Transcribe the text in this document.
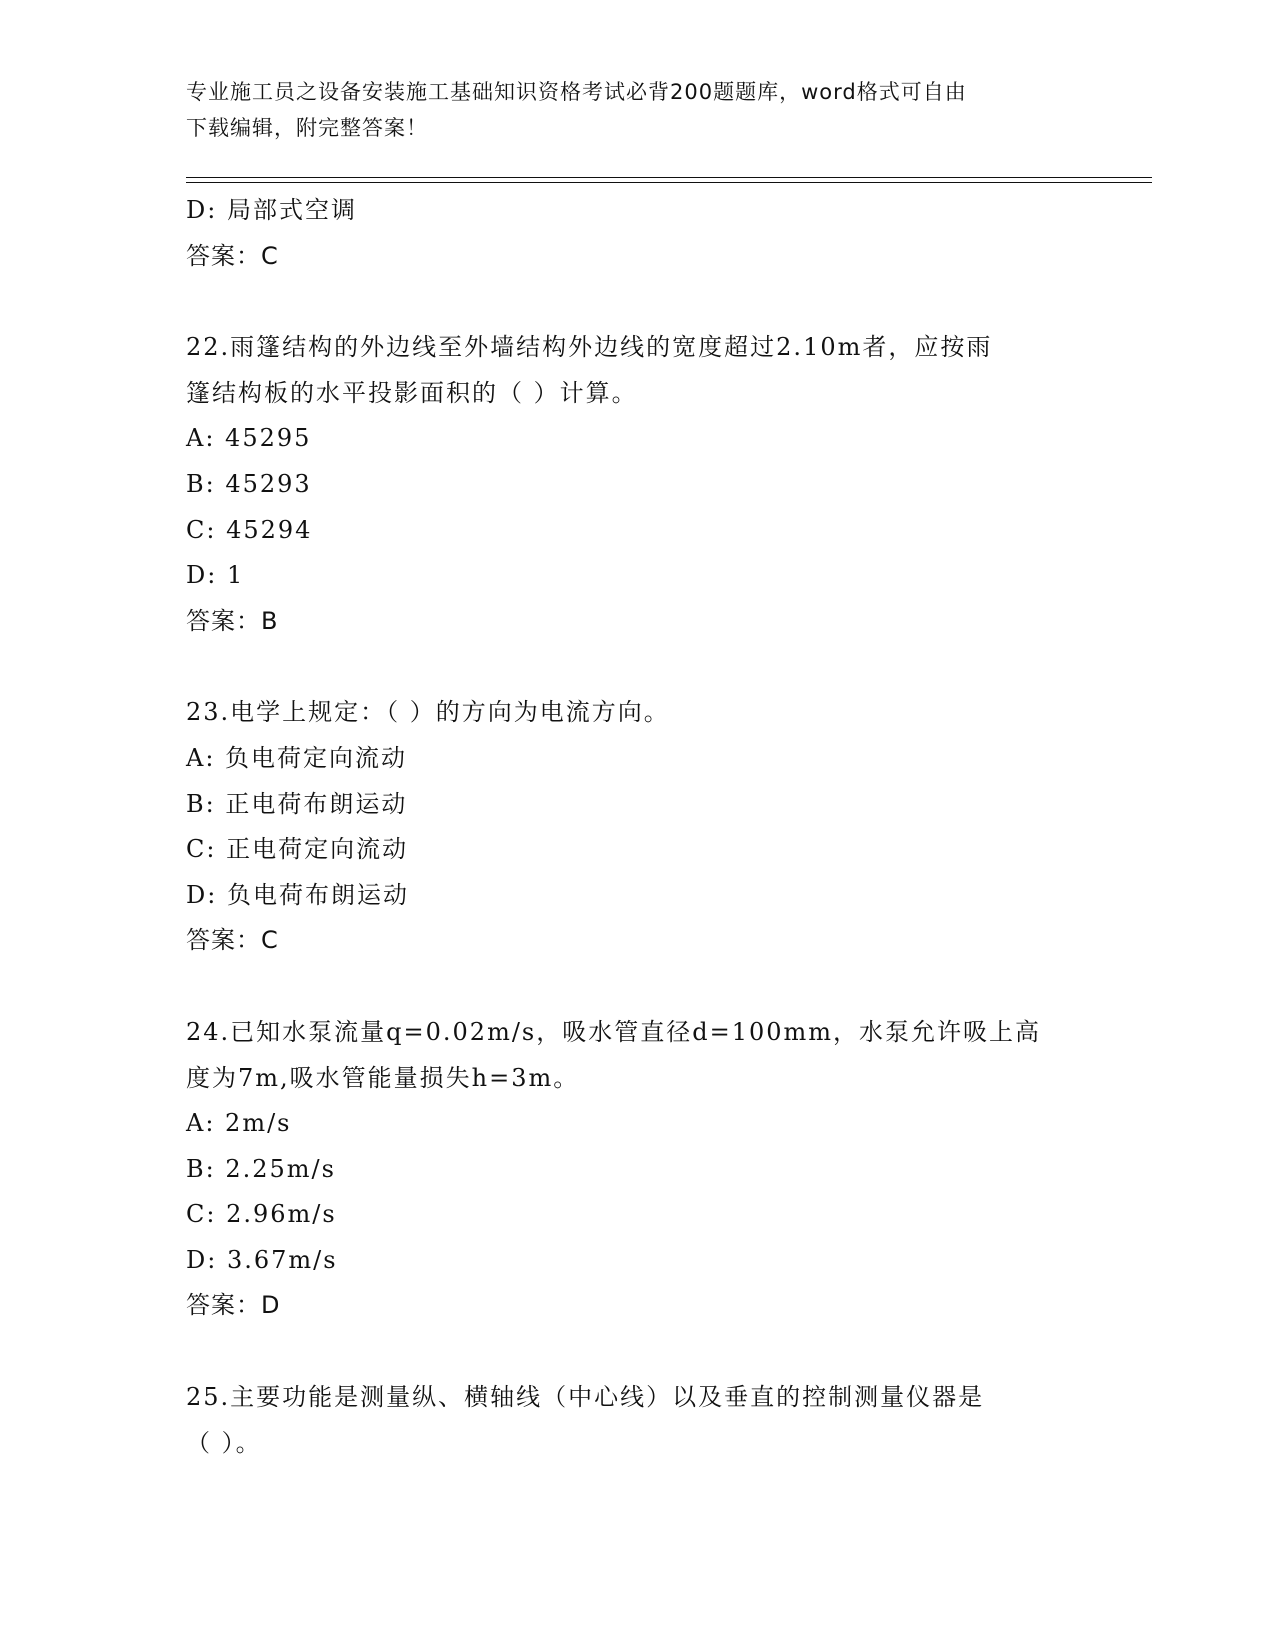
专业施工员之设备安装施工基础知识资格考试必背200题题库，word格式可自由
下载编辑，附完整答案！
D: 局部式空调
答案：C
22.雨篷结构的外边线至外墙结构外边线的宽度超过2.10m者，应按雨
篷结构板的水平投影面积的（ ）计算。
A: 45295
B: 45293
C: 45294
D: 1
答案：B
23.电学上规定：（ ）的方向为电流方向。
A: 负电荷定向流动
B: 正电荷布朗运动
C: 正电荷定向流动
D: 负电荷布朗运动
答案：C
24.已知水泵流量q=0.02m/s，吸水管直径d=100mm，水泵允许吸上高
度为7m,吸水管能量损失h=3m。
A: 2m/s
B: 2.25m/s
C: 2.96m/s
D: 3.67m/s
答案：D
25.主要功能是测量纵、横轴线（中心线）以及垂直的控制测量仪器是
（ ）。
